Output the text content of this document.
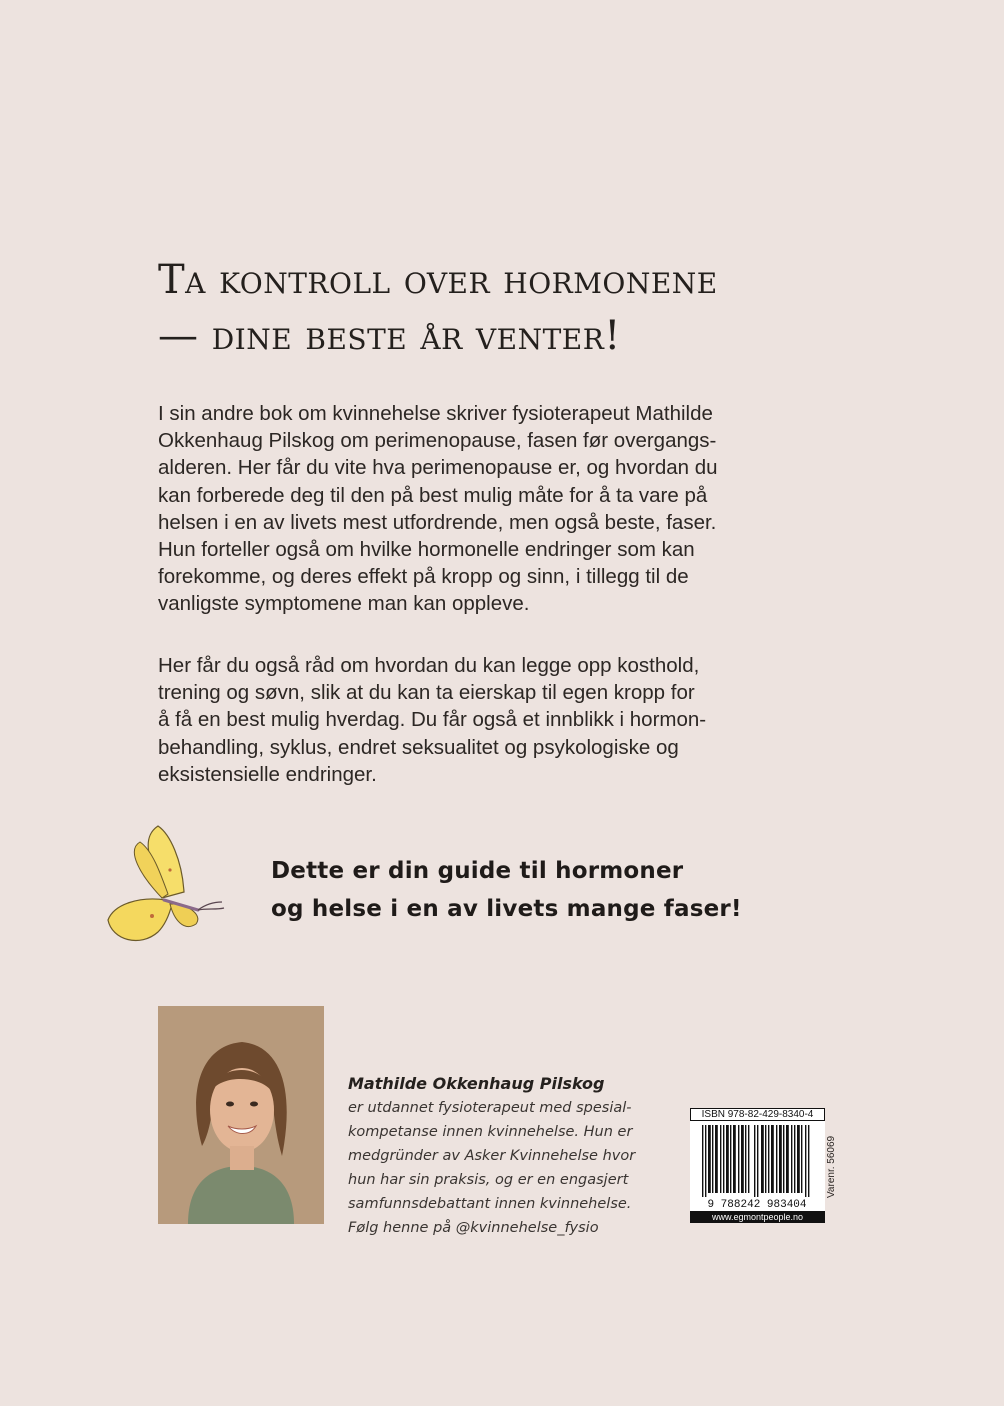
Ta kontroll over hormonene
— dine beste år venter!
I sin andre bok om kvinnehelse skriver fysioterapeut Mathilde
Okkenhaug Pilskog om perimenopause, fasen før overgangs-
alderen. Her får du vite hva perimenopause er, og hvordan du
kan forberede deg til den på best mulig måte for å ta vare på
helsen i en av livets mest utfordrende, men også beste, faser.
Hun forteller også om hvilke hormonelle endringer som kan
forekomme, og deres effekt på kropp og sinn, i tillegg til de
vanligste symptomene man kan oppleve.
Her får du også råd om hvordan du kan legge opp kosthold,
trening og søvn, slik at du kan ta eierskap til egen kropp for
å få en best mulig hverdag. Du får også et innblikk i hormon-
behandling, syklus, endret seksualitet og psykologiske og
eksistensielle endringer.
Dette er din guide til hormoner
og helse i en av livets mange faser!
Mathilde Okkenhaug Pilskog
er utdannet fysioterapeut med spesial-
kompetanse innen kvinnehelse. Hun er
medgründer av Asker Kvinnehelse hvor
hun har sin praksis, og er en engasjert
samfunnsdebattant innen kvinnehelse.
Følg henne på @kvinnehelse_fysio
ISBN 978-82-429-8340-4
9 788242 983404
www.egmontpeople.no
Varenr. 56069
